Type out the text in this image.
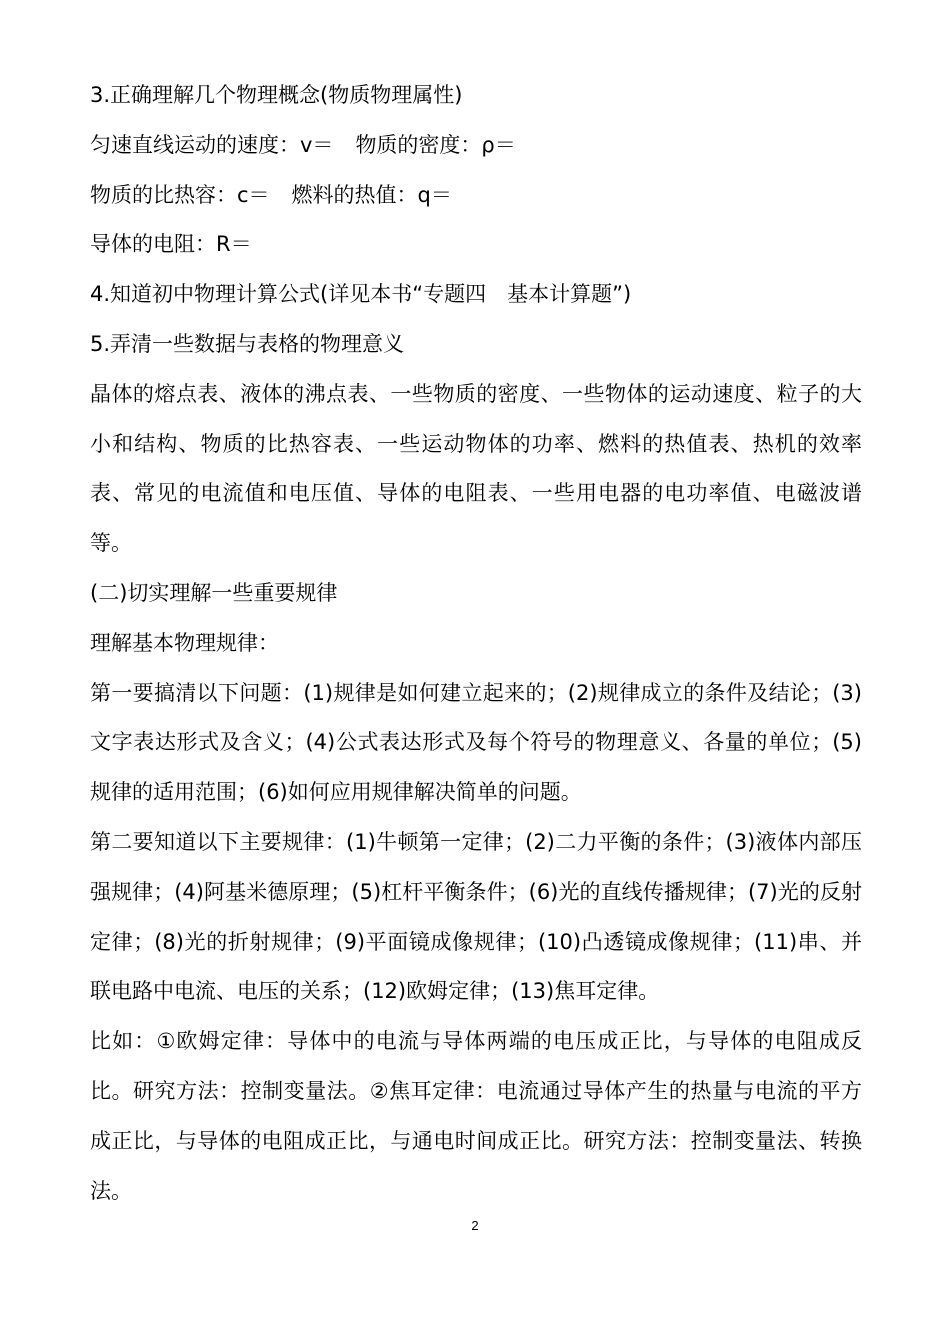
3.正确理解几个物理概念(物质物理属性)
匀速直线运动的速度：v＝ 物质的密度：ρ＝
物质的比热容：c＝ 燃料的热值：q＝
导体的电阻：R＝
4.知道初中物理计算公式(详见本书“专题四　基本计算题”)
5.弄清一些数据与表格的物理意义
晶体的熔点表、液体的沸点表、一些物质的密度、一些物体的运动速度、粒子的大小和结构、物质的比热容表、一些运动物体的功率、燃料的热值表、热机的效率表、常见的电流值和电压值、导体的电阻表、一些用电器的电功率值、电磁波谱等。
(二)切实理解一些重要规律
理解基本物理规律：
第一要搞清以下问题：(1)规律是如何建立起来的；(2)规律成立的条件及结论；(3)文字表达形式及含义；(4)公式表达形式及每个符号的物理意义、各量的单位；(5)规律的适用范围；(6)如何应用规律解决简单的问题。
第二要知道以下主要规律：(1)牛顿第一定律；(2)二力平衡的条件；(3)液体内部压强规律；(4)阿基米德原理；(5)杠杆平衡条件；(6)光的直线传播规律；(7)光的反射定律；(8)光的折射规律；(9)平面镜成像规律；(10)凸透镜成像规律；(11)串、并联电路中电流、电压的关系；(12)欧姆定律；(13)焦耳定律。
比如：①欧姆定律：导体中的电流与导体两端的电压成正比，与导体的电阻成反比。研究方法：控制变量法。②焦耳定律：电流通过导体产生的热量与电流的平方成正比，与导体的电阻成正比，与通电时间成正比。研究方法：控制变量法、转换法。
2
